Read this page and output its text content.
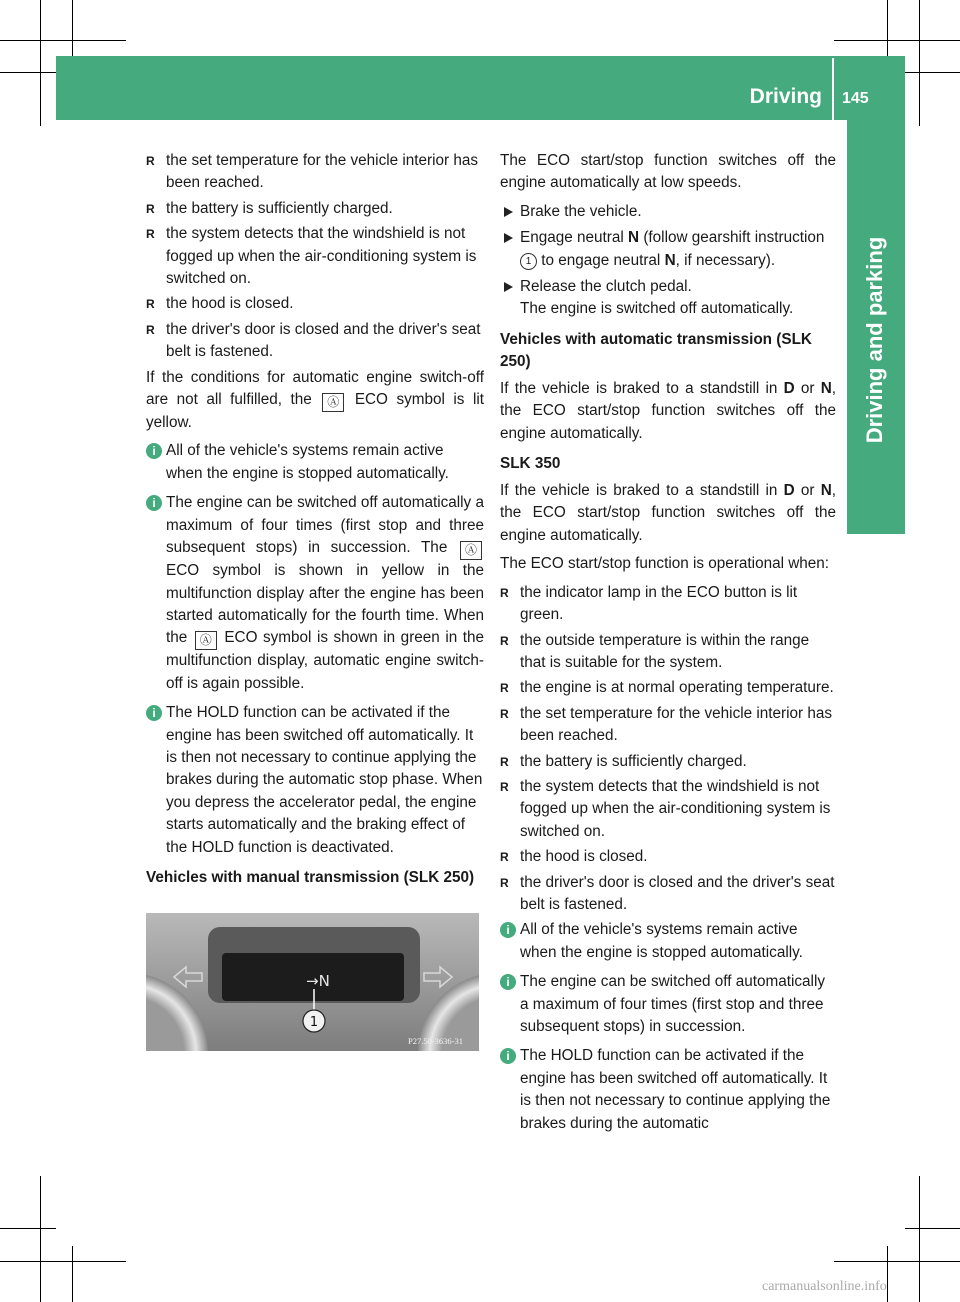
Driving 145
Driving and parking
R the set temperature for the vehicle interior has been reached.
R the battery is sufficiently charged.
R the system detects that the windshield is not fogged up when the air-conditioning system is switched on.
R the hood is closed.
R the driver's door is closed and the driver's seat belt is fastened.

If the conditions for automatic engine switch-off are not all fulfilled, the Ⓐ ECO symbol is lit yellow.

i All of the vehicle's systems remain active when the engine is stopped automatically.
i The engine can be switched off automatically a maximum of four times (first stop and three subsequent stops) in succession. The Ⓐ ECO symbol is shown in yellow in the multifunction display after the engine has been started automatically for the fourth time. When the Ⓐ ECO symbol is shown in green in the multifunction display, automatic engine switch-off is again possible.
i The HOLD function can be activated if the engine has been switched off automatically. It is then not necessary to continue applying the brakes during the automatic stop phase. When you depress the accelerator pedal, the engine starts automatically and the braking effect of the HOLD function is deactivated.
Vehicles with manual transmission (SLK 250)
→N
1
P27.50-3636-31

The ECO start/stop function switches off the engine automatically at low speeds.

Brake the vehicle.
Engage neutral N (follow gearshift instruction 1 to engage neutral N, if necessary).
Release the clutch pedal.
The engine is switched off automatically.
Vehicles with automatic transmission (SLK 250)

If the vehicle is braked to a standstill in D or N, the ECO start/stop function switches off the engine automatically.

SLK 350

If the vehicle is braked to a standstill in D or N, the ECO start/stop function switches off the engine automatically.

The ECO start/stop function is operational when:

R the indicator lamp in the ECO button is lit green.
R the outside temperature is within the range that is suitable for the system.
R the engine is at normal operating temperature.
R the set temperature for the vehicle interior has been reached.
R the battery is sufficiently charged.
R the system detects that the windshield is not fogged up when the air-conditioning system is switched on.
R the hood is closed.
R the driver's door is closed and the driver's seat belt is fastened.
i All of the vehicle's systems remain active when the engine is stopped automatically.
i The engine can be switched off automatically a maximum of four times (first stop and three subsequent stops) in succession.
i The HOLD function can be activated if the engine has been switched off automatically. It is then not necessary to continue applying the brakes during the automatic
carmanualsonline.info
